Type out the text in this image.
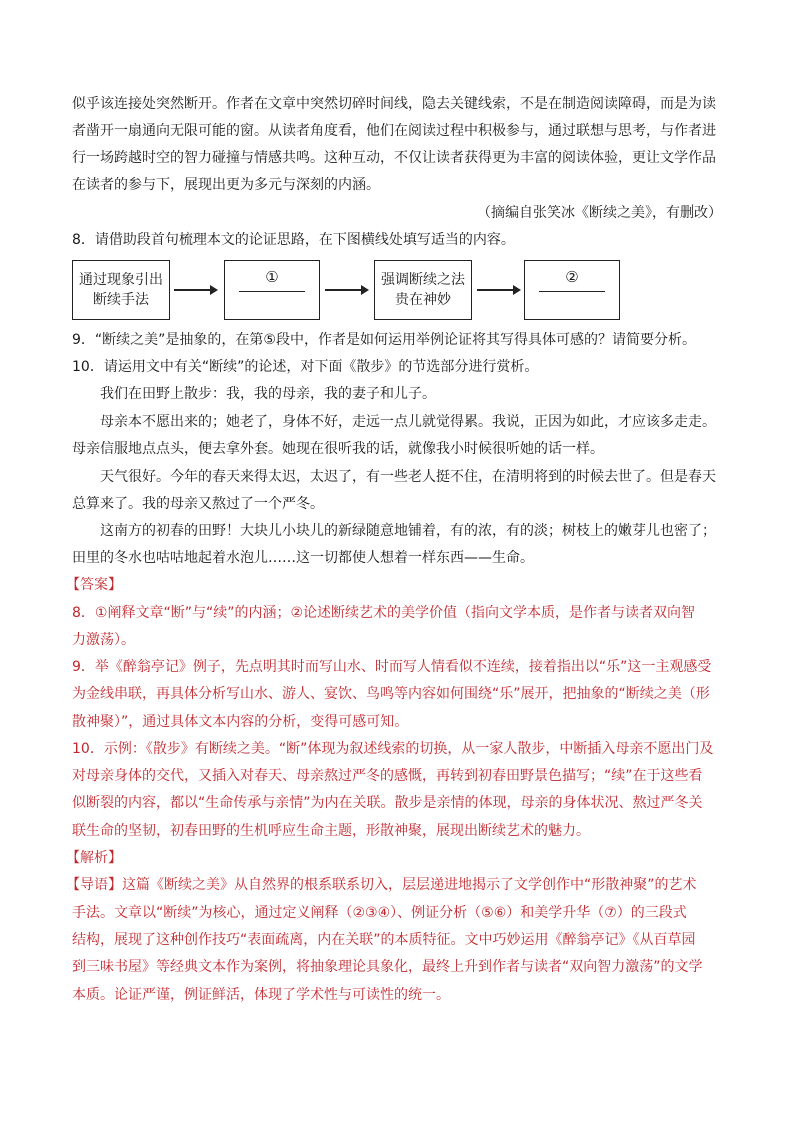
似乎该连接处突然断开。作者在文章中突然切碎时间线，隐去关键线索，不是在制造阅读障碍，而是为读
者凿开一扇通向无限可能的窗。从读者角度看，他们在阅读过程中积极参与，通过联想与思考，与作者进
行一场跨越时空的智力碰撞与情感共鸣。这种互动，不仅让读者获得更为丰富的阅读体验，更让文学作品
在读者的参与下，展现出更为多元与深刻的内涵。
（摘编自张笑冰《断续之美》，有删改）
8．请借助段首句梳理本文的论证思路，在下图横线处填写适当的内容。
通过现象引出
断续手法
①	强调断续之法
贵在神妙
②
9．“断续之美”是抽象的，在第⑤段中，作者是如何运用举例论证将其写得具体可感的？请简要分析。
10．请运用文中有关“断续”的论述，对下面《散步》的节选部分进行赏析。
我们在田野上散步：我，我的母亲，我的妻子和儿子。
母亲本不愿出来的；她老了，身体不好，走远一点儿就觉得累。我说，正因为如此，才应该多走走。
母亲信服地点点头，便去拿外套。她现在很听我的话，就像我小时候很听她的话一样。
天气很好。今年的春天来得太迟，太迟了，有一些老人挺不住，在清明将到的时候去世了。但是春天
总算来了。我的母亲又熬过了一个严冬。
这南方的初春的田野！大块儿小块儿的新绿随意地铺着，有的浓，有的淡；树枝上的嫩芽儿也密了；
田里的冬水也咕咕地起着水泡儿……这一切都使人想着一样东西——生命。
【答案】
8．①阐释文章“断”与“续”的内涵；②论述断续艺术的美学价值（指向文学本质，是作者与读者双向智
力激荡）。
9．举《醉翁亭记》例子，先点明其时而写山水、时而写人情看似不连续，接着指出以“乐”这一主观感受
为金线串联，再具体分析写山水、游人、宴饮、鸟鸣等内容如何围绕“乐”展开，把抽象的“断续之美（形
散神聚）”，通过具体文本内容的分析，变得可感可知。
10．示例：《散步》有断续之美。“断”体现为叙述线索的切换，从一家人散步，中断插入母亲不愿出门及
对母亲身体的交代，又插入对春天、母亲熬过严冬的感慨，再转到初春田野景色描写；“续”在于这些看
似断裂的内容，都以“生命传承与亲情”为内在关联。散步是亲情的体现，母亲的身体状况、熬过严冬关
联生命的坚韧，初春田野的生机呼应生命主题，形散神聚，展现出断续艺术的魅力。
【解析】
【导语】这篇《断续之美》从自然界的根系联系切入，层层递进地揭示了文学创作中“形散神聚”的艺术
手法。文章以“断续”为核心，通过定义阐释（②③④）、例证分析（⑤⑥）和美学升华（⑦）的三段式
结构，展现了这种创作技巧“表面疏离，内在关联”的本质特征。文中巧妙运用《醉翁亭记》《从百草园
到三味书屋》等经典文本作为案例，将抽象理论具象化，最终上升到作者与读者“双向智力激荡”的文学
本质。论证严谨，例证鲜活，体现了学术性与可读性的统一。
